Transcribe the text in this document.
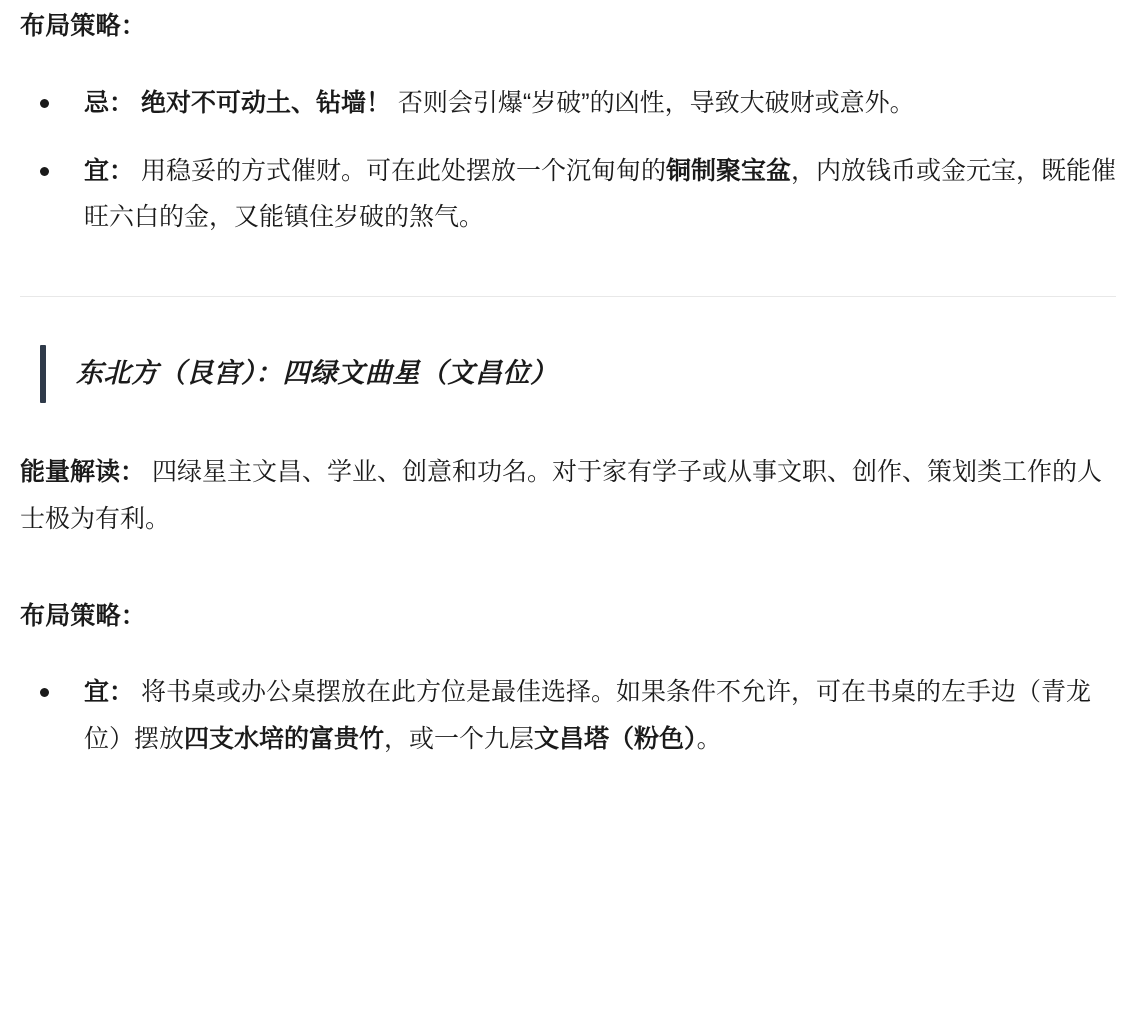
布局策略：
忌： 绝对不可动土、钻墙！ 否则会引爆“岁破”的凶性，导致大破财或意外。
宜： 用稳妥的方式催财。可在此处摆放一个沉甸甸的铜制聚宝盆，内放钱币或金元宝，既能催旺六白的金，又能镇住岁破的煞气。
东北方（艮宫）：四绿文曲星（文昌位）

能量解读： 四绿星主文昌、学业、创意和功名。对于家有学子或从事文职、创作、策划类工作的人士极为有利。

布局策略：
宜： 将书桌或办公桌摆放在此方位是最佳选择。如果条件不允许，可在书桌的左手边（青龙位）摆放四支水培的富贵竹，或一个九层文昌塔（粉色）。
